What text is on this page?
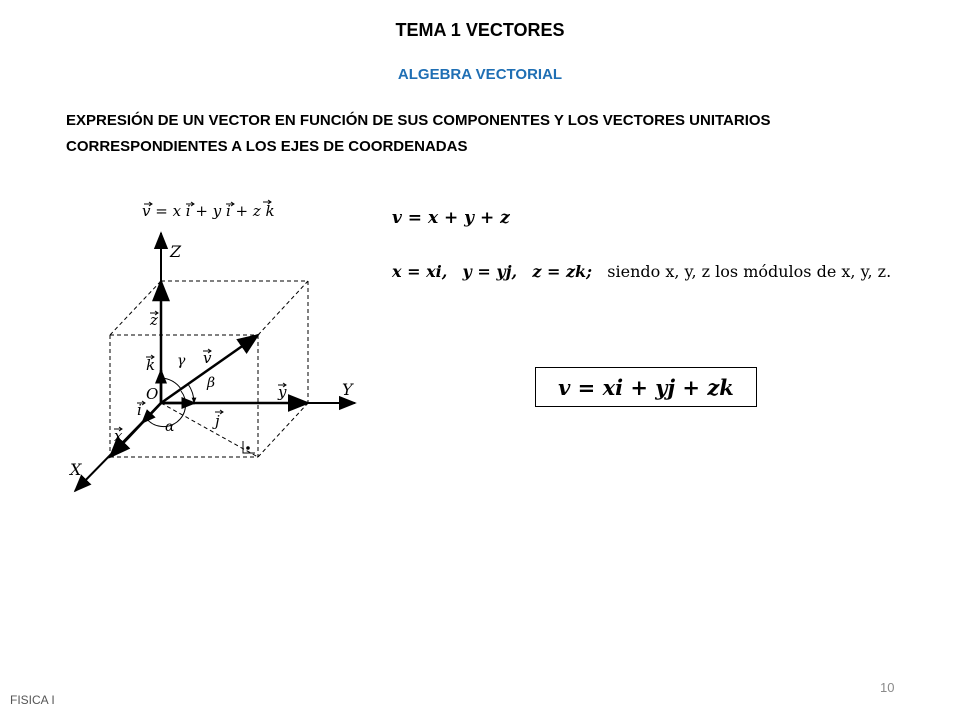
TEMA 1 VECTORES
ALGEBRA VECTORIAL
EXPRESIÓN DE UN VECTOR EN FUNCIÓN DE SUS COMPONENTES Y LOS VECTORES UNITARIOS
CORRESPONDIENTES A LOS EJES DE COORDENADAS
v = x i + y i + z k
Z
Y
X
O
z
k	v
y
j
i
x
γ
β
α
v = x + y + z
x = xi, y = yj, z = zk; siendo x, y, z los módulos de x, y, z.
v = xi + yj + zk
10
FISICA I
